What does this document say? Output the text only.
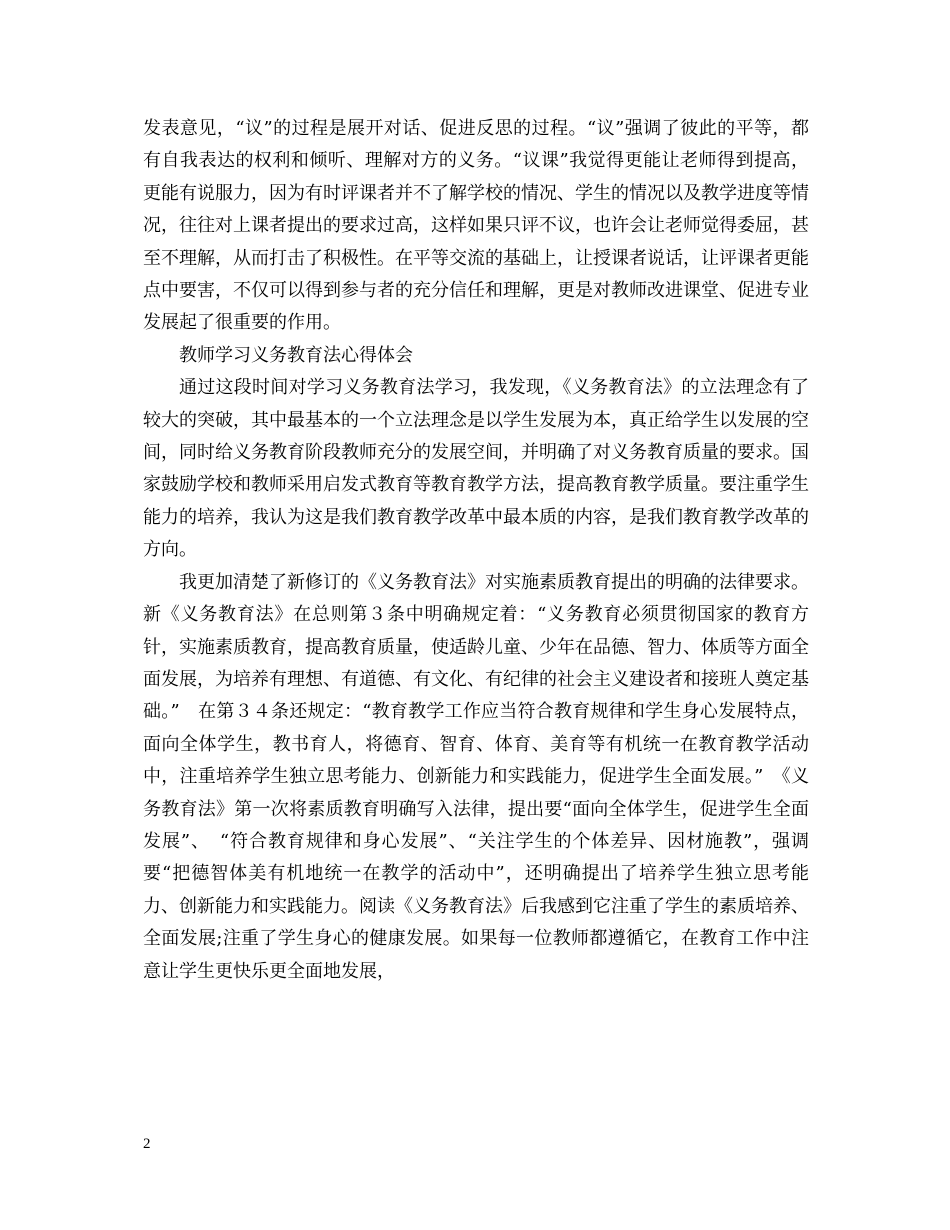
发表意见，“议”的过程是展开对话、促进反思的过程。“议”强调了彼此的平等，都有自我表达的权利和倾听、理解对方的义务。“议课”我觉得更能让老师得到提高，更能有说服力，因为有时评课者并不了解学校的情况、学生的情况以及教学进度等情况，往往对上课者提出的要求过高，这样如果只评不议，也许会让老师觉得委屈，甚至不理解，从而打击了积极性。在平等交流的基础上，让授课者说话，让评课者更能点中要害，不仅可以得到参与者的充分信任和理解，更是对教师改进课堂、促进专业发展起了很重要的作用。

教师学习义务教育法心得体会

通过这段时间对学习义务教育法学习，我发现，《义务教育法》的立法理念有了较大的突破，其中最基本的一个立法理念是以学生发展为本，真正给学生以发展的空间，同时给义务教育阶段教师充分的发展空间，并明确了对义务教育质量的要求。国家鼓励学校和教师采用启发式教育等教育教学方法，提高教育教学质量。要注重学生能力的培养，我认为这是我们教育教学改革中最本质的内容，是我们教育教学改革的方向。

我更加清楚了新修订的《义务教育法》对实施素质教育提出的明确的法律要求。新《义务教育法》在总则第３条中明确规定着：“义务教育必须贯彻国家的教育方针，实施素质教育，提高教育质量，使适龄儿童、少年在品德、智力、体质等方面全面发展，为培养有理想、有道德、有文化、有纪律的社会主义建设者和接班人奠定基础。”　在第３４条还规定：“教育教学工作应当符合教育规律和学生身心发展特点，面向全体学生，教书育人，将德育、智育、体育、美育等有机统一在教育教学活动中，注重培养学生独立思考能力、创新能力和实践能力，促进学生全面发展。”　《义务教育法》第一次将素质教育明确写入法律，提出要“面向全体学生，促进学生全面发展”、　“符合教育规律和身心发展”、“关注学生的个体差异、因材施教”，强调要“把德智体美有机地统一在教学的活动中”，还明确提出了培养学生独立思考能力、创新能力和实践能力。阅读《义务教育法》后我感到它注重了学生的素质培养、全面发展;注重了学生身心的健康发展。如果每一位教师都遵循它，在教育工作中注意让学生更快乐更全面地发展，

2
